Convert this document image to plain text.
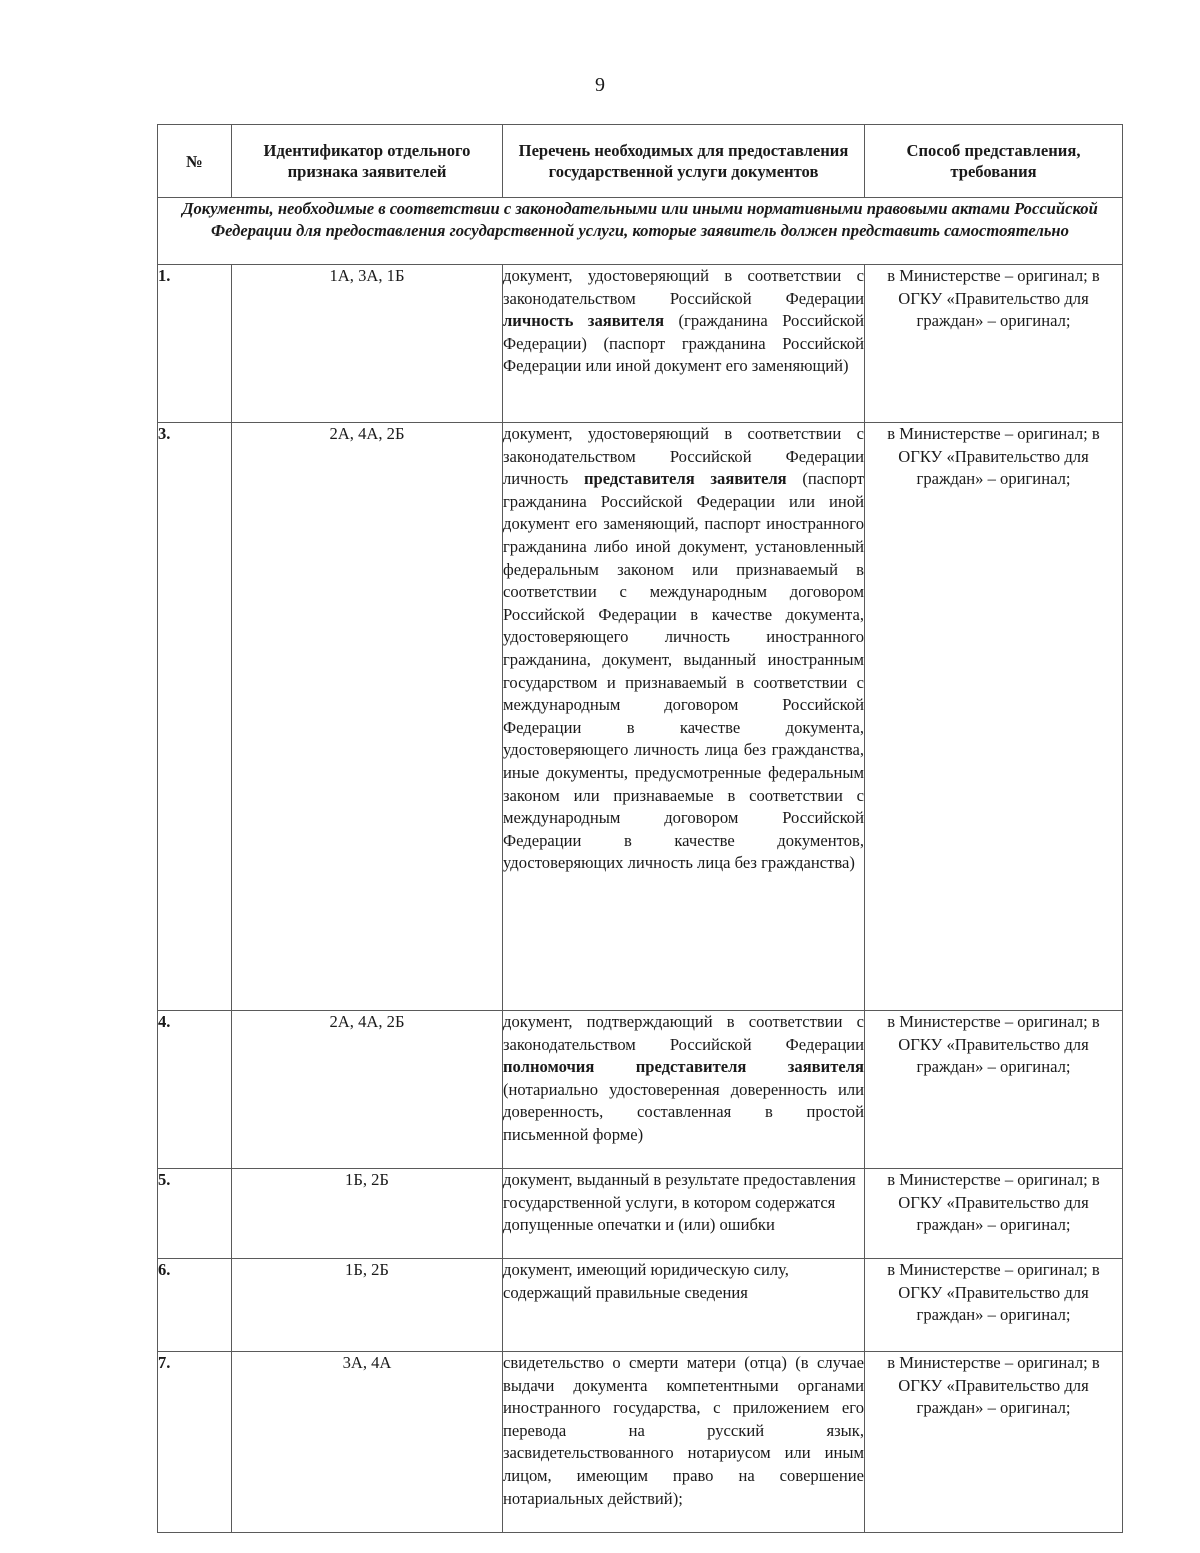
9
№	Идентификатор отдельного признака заявителей	Перечень необходимых для предоставления государственной услуги документов	Способ представления, требования
Документы, необходимые в соответствии с законодательными или иными нормативными правовыми актами Российской Федерации для предоставления государственной услуги, которые заявитель должен представить самостоятельно			
1.	1А, 3А, 1Б	документ, удостоверяющий в соответствии с законодательством Российской Федерации личность заявителя (гражданина Российской Федерации) (паспорт гражданина Российской Федерации или иной документ его заменяющий)	в Министерстве – оригинал; в ОГКУ «Правительство для граждан» – оригинал;
3.	2А, 4А, 2Б	документ, удостоверяющий в соответствии с законодательством Российской Федерации личность представителя заявителя (паспорт гражданина Российской Федерации или иной документ его заменяющий, паспорт иностранного гражданина либо иной документ, установленный федеральным законом или признаваемый в соответствии с международным договором Российской Федерации в качестве документа, удостоверяющего личность иностранного гражданина, документ, выданный иностранным государством и признаваемый в соответствии с международным договором Российской Федерации в качестве документа, удостоверяющего личность лица без гражданства, иные документы, предусмотренные федеральным законом или признаваемые в соответствии с международным договором Российской Федерации в качестве документов, удостоверяющих личность лица без гражданства)	в Министерстве – оригинал; в ОГКУ «Правительство для граждан» – оригинал;
4.	2А, 4А, 2Б	документ, подтверждающий в соответствии с законодательством Российской Федерации полномочия представителя заявителя (нотариально удостоверенная доверенность или доверенность, составленная в простой письменной форме)	в Министерстве – оригинал; в ОГКУ «Правительство для граждан» – оригинал;
5.	1Б, 2Б	документ, выданный в результате предоставления государственной услуги, в котором содержатся допущенные опечатки и (или) ошибки	в Министерстве – оригинал; в ОГКУ «Правительство для граждан» – оригинал;
6.	1Б, 2Б	документ, имеющий юридическую силу, содержащий правильные сведения	в Министерстве – оригинал; в ОГКУ «Правительство для граждан» – оригинал;
7.	3А, 4А	свидетельство о смерти матери (отца) (в случае выдачи документа компетентными органами иностранного государства, с приложением его перевода на русский язык, засвидетельствованного нотариусом или иным лицом, имеющим право на совершение нотариальных действий);	в Министерстве – оригинал; в ОГКУ «Правительство для граждан» – оригинал;
